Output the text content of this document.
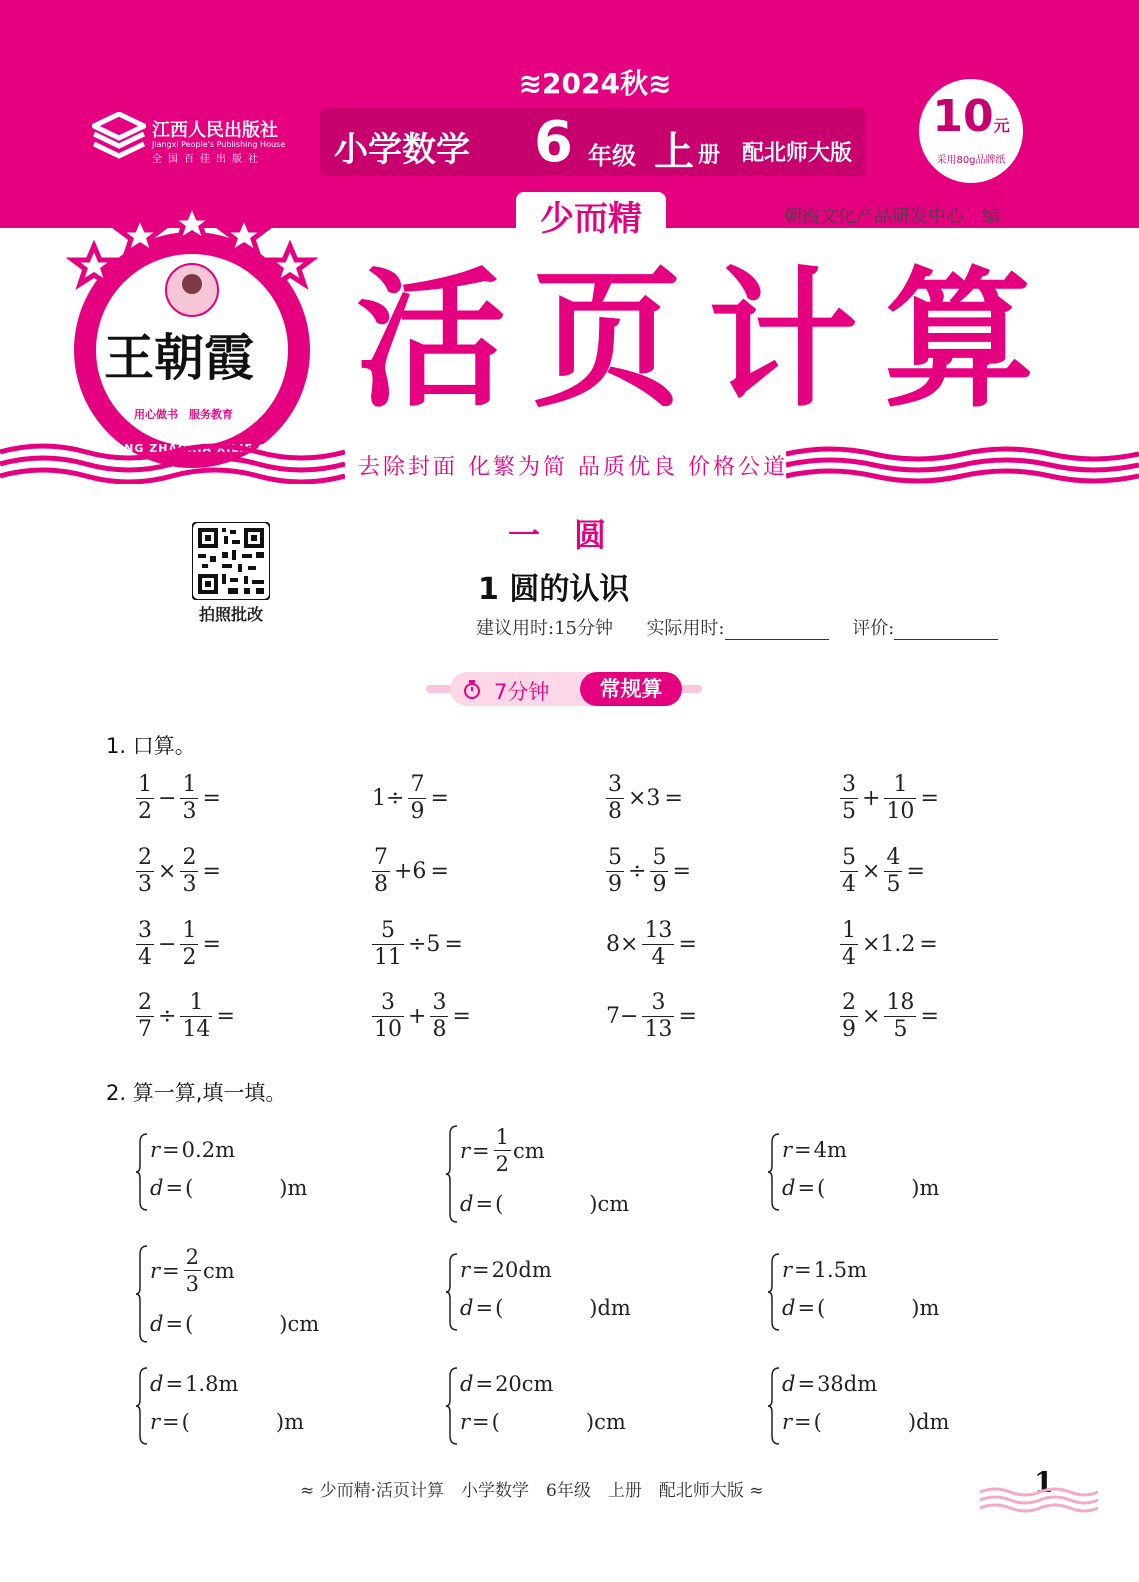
江西人民出版社
Jiangxi People's Publishing House
全国百佳出版社
≋2024秋≋
小学数学 6 年级 上 册 配北师大版
10元
采用80g品牌纸
少而精	朝霞文化产品研发中心　编
王朝霞
用心做书　服务教育
WANG ZHAOXIA XILIE CONGSHU
活页计算
去除封面 化繁为简 品质优良 价格公道
拍照批改
一圆
1 圆的认识
建议用时:15分钟 实际用时:	评价:
7分钟	常规算
1. 口算。
$\frac{1}{2} - \frac{1}{3}$ =	$1\div \frac{7}{9}$ =	$\frac{3}{8} \times 3$ =	$\frac{3}{5} + \frac{1}{10}$ =
$\frac{2}{3} \times \frac{2}{3}$ =	$\frac{7}{8} +6$ =	$\frac{5}{9} \div \frac{5}{9}$ =	$\frac{5}{4} \times \frac{4}{5}$ =
$\frac{3}{4} - \frac{1}{2}$ =	$\frac{5}{11} \div 5$ =	$8\times \frac{13}{4}$ =	$\frac{1}{4} \times 1.2$ =
$\frac{2}{7} \div \frac{1}{14}$ =	$\frac{3}{10} + \frac{3}{8}$ =	$7- \frac{3}{13}$ =	$\frac{2}{9} \times \frac{18}{5}$ =
2. 算一算,填一填。
r = 0.2 m
d = (	) m
$r = \frac{1}{2}$ cm
d = (	) cm
r = 4 m
d = (	) m
$r = \frac{2}{3}$ cm
d = (	) cm
r = 20 dm
d = (	) dm
r = 1.5 m
d = (	) m
d = 1.8 m
r = (	) m
d = 20 cm
r = (	) cm
d = 38 dm
r = (	) dm
≈ 少而精·活页计算　小学数学　6年级　上册　配北师大版 ≈	1
